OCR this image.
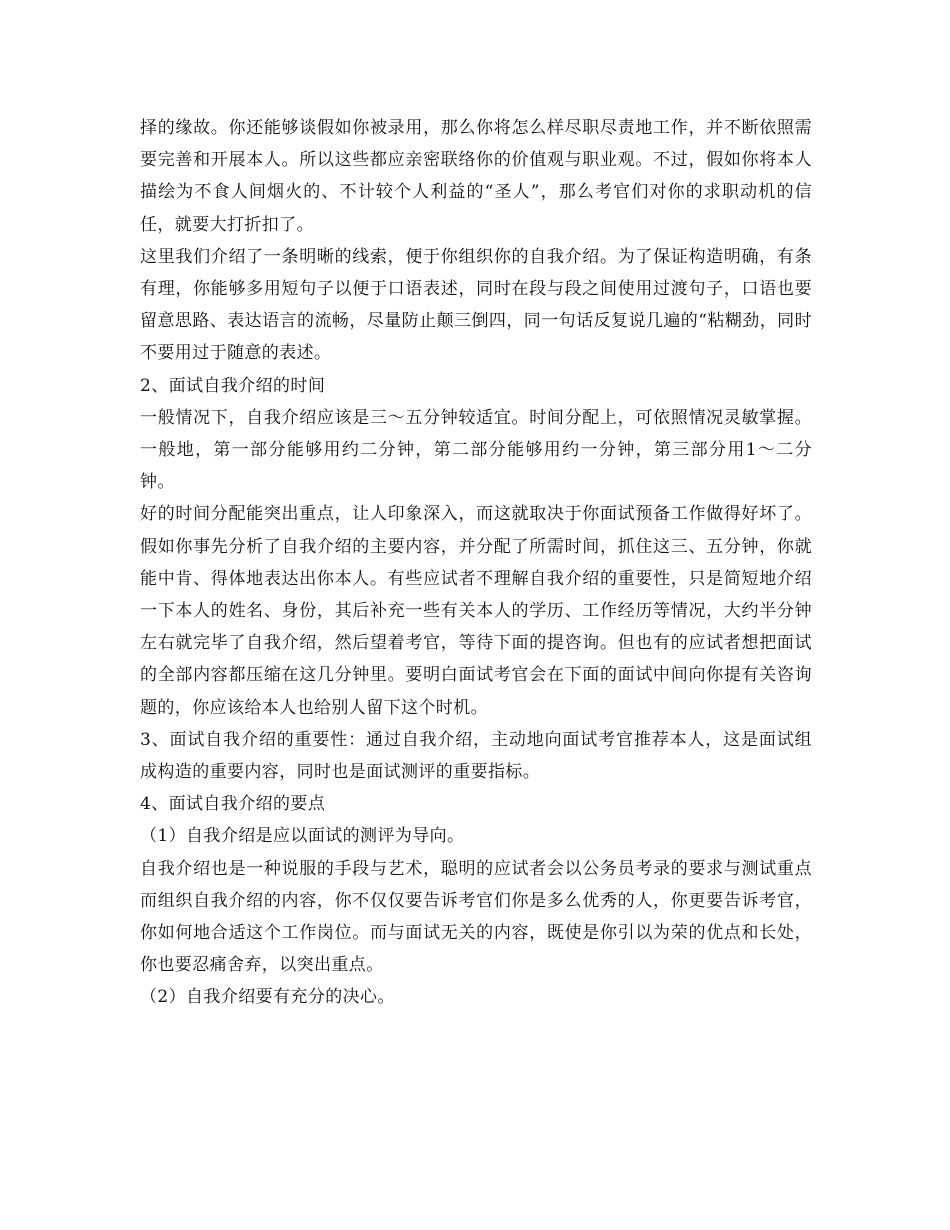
择的缘故。你还能够谈假如你被录用，那么你将怎么样尽职尽责地工作，并不断依照需要完善和开展本人。所以这些都应亲密联络你的价值观与职业观。不过，假如你将本人描绘为不食人间烟火的、不计较个人利益的“圣人”，那么考官们对你的求职动机的信任，就要大打折扣了。

这里我们介绍了一条明晰的线索，便于你组织你的自我介绍。为了保证构造明确，有条有理，你能够多用短句子以便于口语表述，同时在段与段之间使用过渡句子，口语也要留意思路、表达语言的流畅，尽量防止颠三倒四，同一句话反复说几遍的“粘糊劲，同时不要用过于随意的表述。

2、面试自我介绍的时间

一般情况下，自我介绍应该是三～五分钟较适宜。时间分配上，可依照情况灵敏掌握。一般地，第一部分能够用约二分钟，第二部分能够用约一分钟，第三部分用1～二分钟。

好的时间分配能突出重点，让人印象深入，而这就取决于你面试预备工作做得好坏了。假如你事先分析了自我介绍的主要内容，并分配了所需时间，抓住这三、五分钟，你就能中肯、得体地表达出你本人。有些应试者不理解自我介绍的重要性，只是简短地介绍一下本人的姓名、身份，其后补充一些有关本人的学历、工作经历等情况，大约半分钟左右就完毕了自我介绍，然后望着考官，等待下面的提咨询。但也有的应试者想把面试的全部内容都压缩在这几分钟里。要明白面试考官会在下面的面试中间向你提有关咨询题的，你应该给本人也给别人留下这个时机。

3、面试自我介绍的重要性：通过自我介绍，主动地向面试考官推荐本人，这是面试组成构造的重要内容，同时也是面试测评的重要指标。

4、面试自我介绍的要点

（1）自我介绍是应以面试的测评为导向。

自我介绍也是一种说服的手段与艺术，聪明的应试者会以公务员考录的要求与测试重点而组织自我介绍的内容，你不仅仅要告诉考官们你是多么优秀的人，你更要告诉考官，你如何地合适这个工作岗位。而与面试无关的内容，既使是你引以为荣的优点和长处，你也要忍痛舍弃，以突出重点。

（2）自我介绍要有充分的决心。
